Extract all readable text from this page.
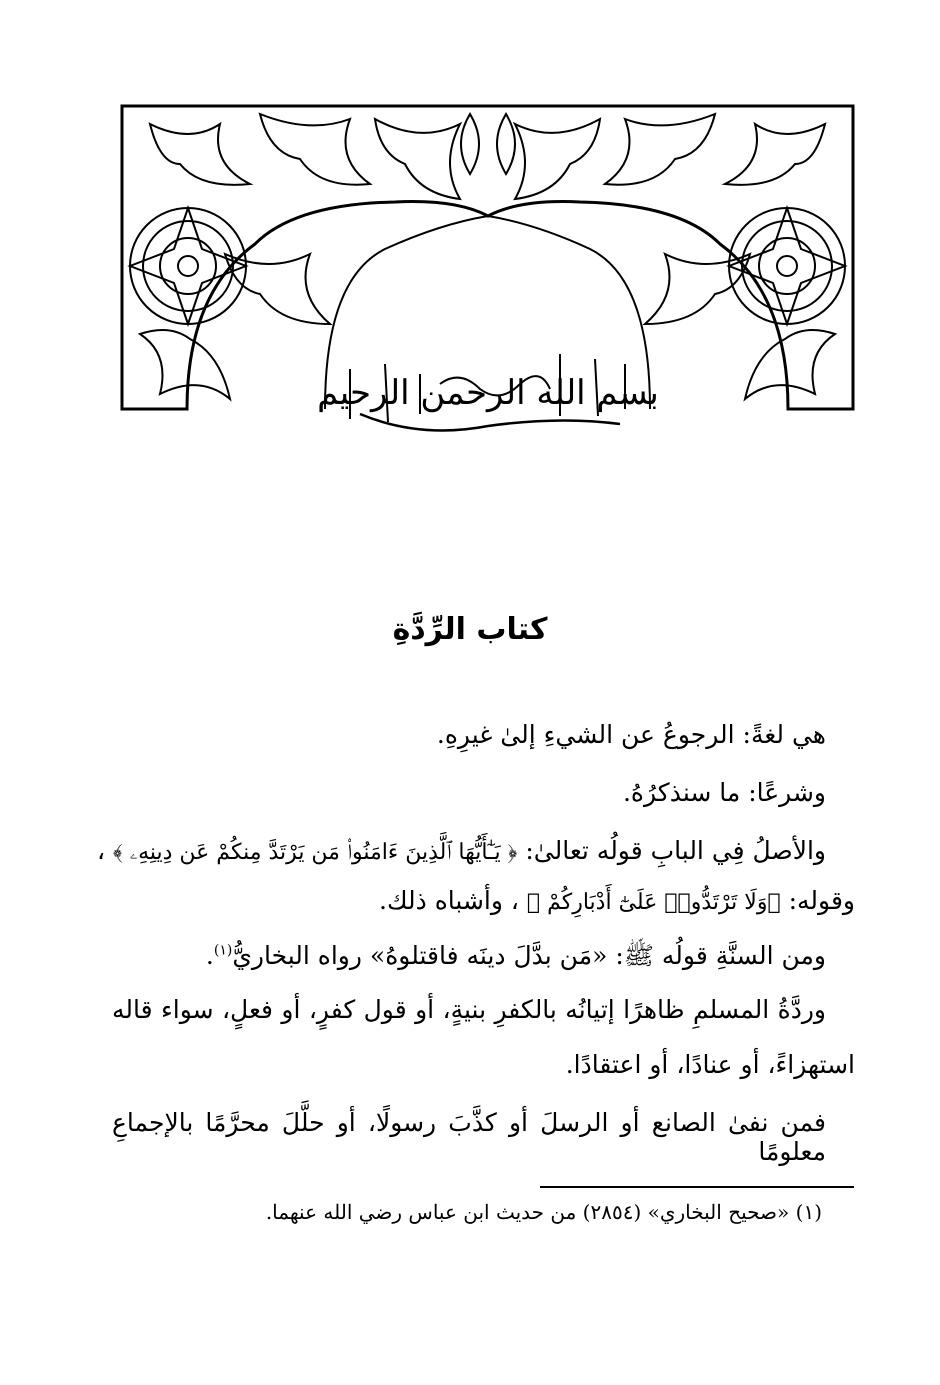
بسم الله الرحمن الرحيم
كتاب الرِّدَّةِ
هي لغةً: الرجوعُ عن الشيءِ إلىٰ غيرِهِ.
وشرعًا: ما سنذكرُهُ.
والأصلُ فِي البابِ قولُه تعالىٰ: ﴿ يَـٰٓأَيُّهَا ٱلَّذِينَ ءَامَنُوا۟ مَن يَرْتَدَّ مِنكُمْ عَن دِينِهِۦ ﴾ ،
وقوله: ﴿وَلَا تَرْتَدُّوا۟ عَلَىٰٓ أَدْبَارِكُمْ ﴾ ، وأشباه ذلك.
ومن السنَّةِ قولُه ﷺ: «مَن بدَّلَ دينَه فاقتلوهُ» رواه البخاريُّ$^{(١)}$.
وردَّةُ المسلمِ ظاهرًا إتيانُه بالكفرِ بنيةٍ، أو قول كفرٍ، أو فعلٍ، سواء قاله
استهزاءً، أو عنادًا، أو اعتقادًا.
فمن نفىٰ الصانع أو الرسلَ أو كذَّبَ رسولًا، أو حلَّلَ محرَّمًا بالإجماعِ معلومًا
(١) «صحيح البخاري» (٢٨٥٤) من حديث ابن عباس رضي الله عنهما.
